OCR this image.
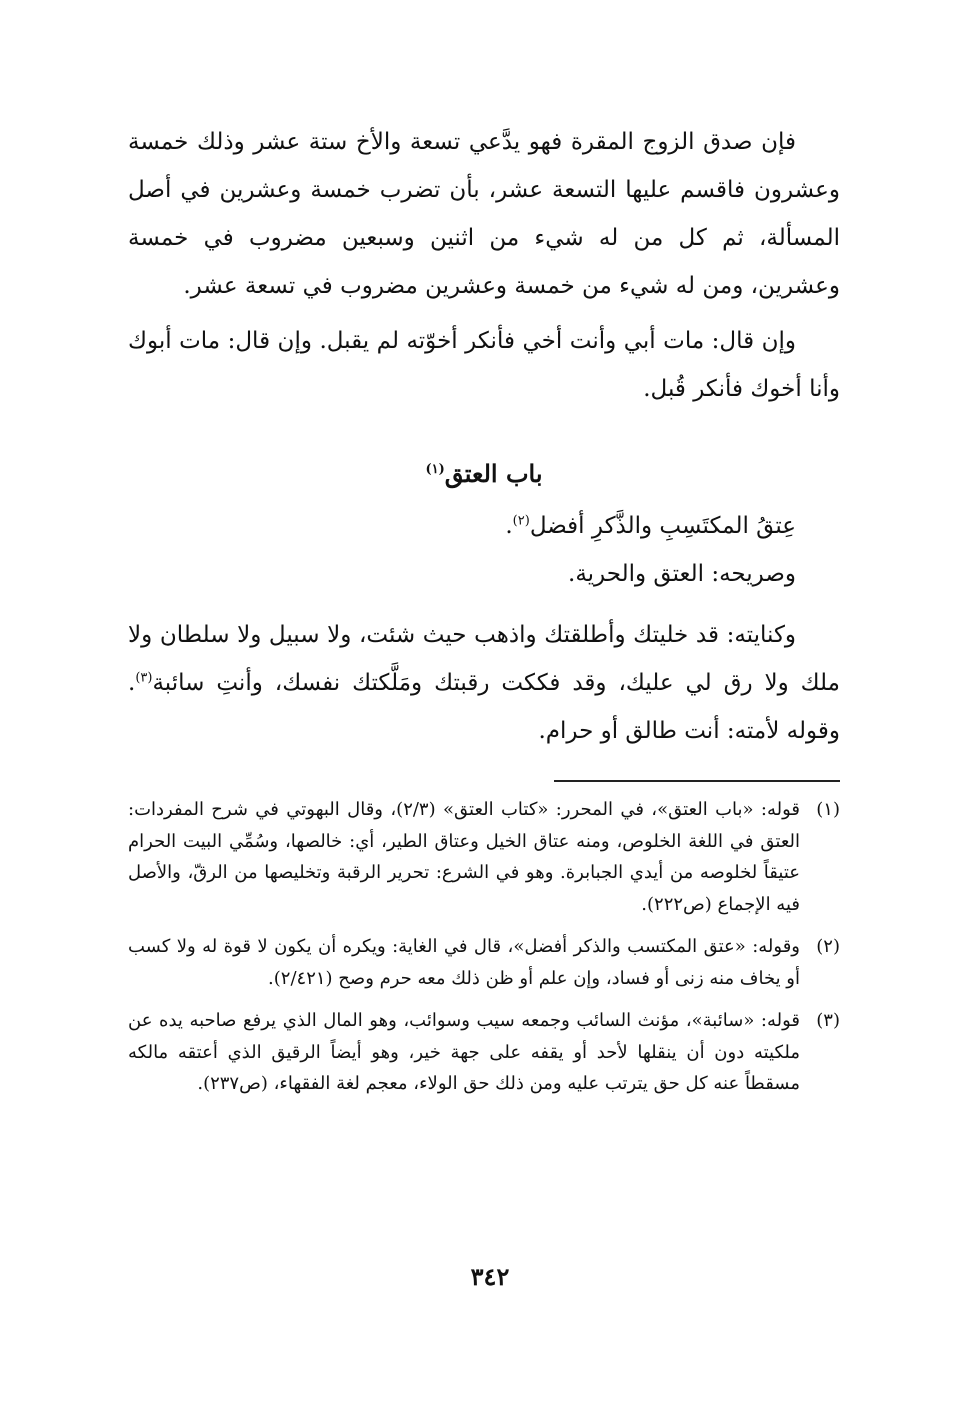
فإن صدق الزوج المقرة فهو يدَّعي تسعة والأخ ستة عشر وذلك خمسة وعشرون فاقسم عليها التسعة عشر، بأن تضرب خمسة وعشرين في أصل المسألة، ثم كل من له شيء من اثنين وسبعين مضروب في خمسة وعشرين، ومن له شيء من خمسة وعشرين مضروب في تسعة عشر.

وإن قال: مات أبي وأنت أخي فأنكر أخوّته لم يقبل. وإن قال: مات أبوك وأنا أخوك فأنكر قُبل.

باب العتق$^{(١)}$

عِتقُ المكتَسِبِ والذَّكرِ أفضل$^{(٢)}$.

وصريحه: العتق والحرية.

وكنايته: قد خليتك وأطلقتك واذهب حيث شئت، ولا سبيل ولا سلطان ولا ملك ولا رق لي عليك، وقد فككت رقبتك ومَلَّكتك نفسك، وأنتِ سائبة$^{(٣)}$. وقوله لأمته: أنت طالق أو حرام.

(١)
قوله: «باب العتق»، في المحرر: «كتاب العتق» (٢/٣)، وقال البهوتي في شرح المفردات: العتق في اللغة الخلوص، ومنه عتاق الخيل وعتاق الطير، أي: خالصها، وسُمِّي البيت الحرام عتيقاً لخلوصه من أيدي الجبابرة. وهو في الشرع: تحرير الرقبة وتخليصها من الرقّ، والأصل فيه الإجماع (ص٢٢٢).
(٢)
وقوله: «عتق المكتسب والذكر أفضل»، قال في الغاية: ويكره أن يكون لا قوة له ولا كسب أو يخاف منه زنى أو فساد، وإن علم أو ظن ذلك معه حرم وصح (٢/٤٢١).
(٣)
قوله: «سائبة»، مؤنث السائب وجمعه سيب وسوائب، وهو المال الذي يرفع صاحبه يده عن ملكيته دون أن ينقلها لأحد أو يقفه على جهة خير، وهو أيضاً الرقيق الذي أعتقه مالكه مسقطاً عنه كل حق يترتب عليه ومن ذلك حق الولاء، معجم لغة الفقهاء، (ص٢٣٧).
٣٤٢
